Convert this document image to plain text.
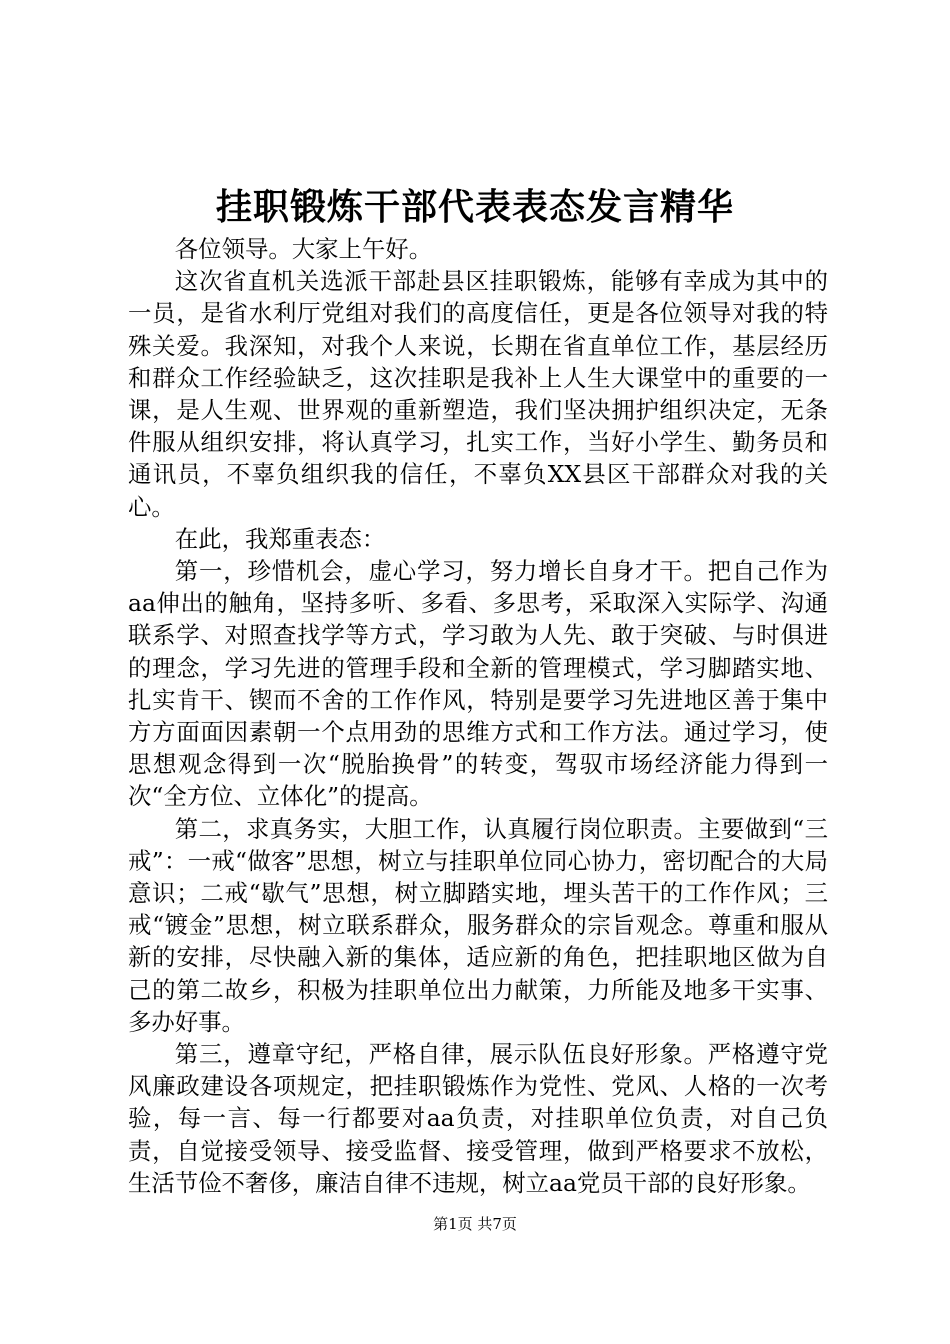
挂职锻炼干部代表表态发言精华

各位领导。大家上午好。

这次省直机关选派干部赴县区挂职锻炼，能够有幸成为其中的一员，是省水利厅党组对我们的高度信任，更是各位领导对我的特殊关爱。我深知，对我个人来说，长期在省直单位工作，基层经历和群众工作经验缺乏，这次挂职是我补上人生大课堂中的重要的一课，是人生观、世界观的重新塑造，我们坚决拥护组织决定，无条件服从组织安排，将认真学习，扎实工作，当好小学生、勤务员和通讯员，不辜负组织我的信任，不辜负XX县区干部群众对我的关心。

在此，我郑重表态：

第一，珍惜机会，虚心学习，努力增长自身才干。把自己作为aa伸出的触角，坚持多听、多看、多思考，采取深入实际学、沟通联系学、对照查找学等方式，学习敢为人先、敢于突破、与时俱进的理念，学习先进的管理手段和全新的管理模式，学习脚踏实地、扎实肯干、锲而不舍的工作作风，特别是要学习先进地区善于集中方方面面因素朝一个点用劲的思维方式和工作方法。通过学习，使思想观念得到一次“脱胎换骨”的转变，驾驭市场经济能力得到一次“全方位、立体化”的提高。

第二，求真务实，大胆工作，认真履行岗位职责。主要做到“三戒”：一戒“做客”思想，树立与挂职单位同心协力，密切配合的大局意识；二戒“歇气”思想，树立脚踏实地，埋头苦干的工作作风；三戒“镀金”思想，树立联系群众，服务群众的宗旨观念。尊重和服从新的安排，尽快融入新的集体，适应新的角色，把挂职地区做为自己的第二故乡，积极为挂职单位出力献策，力所能及地多干实事、多办好事。

第三，遵章守纪，严格自律，展示队伍良好形象。严格遵守党风廉政建设各项规定，把挂职锻炼作为党性、党风、人格的一次考验，每一言、每一行都要对aa负责，对挂职单位负责，对自己负责，自觉接受领导、接受监督、接受管理，做到严格要求不放松，生活节俭不奢侈，廉洁自律不违规，树立aa党员干部的良好形象。

第1页 共7页
